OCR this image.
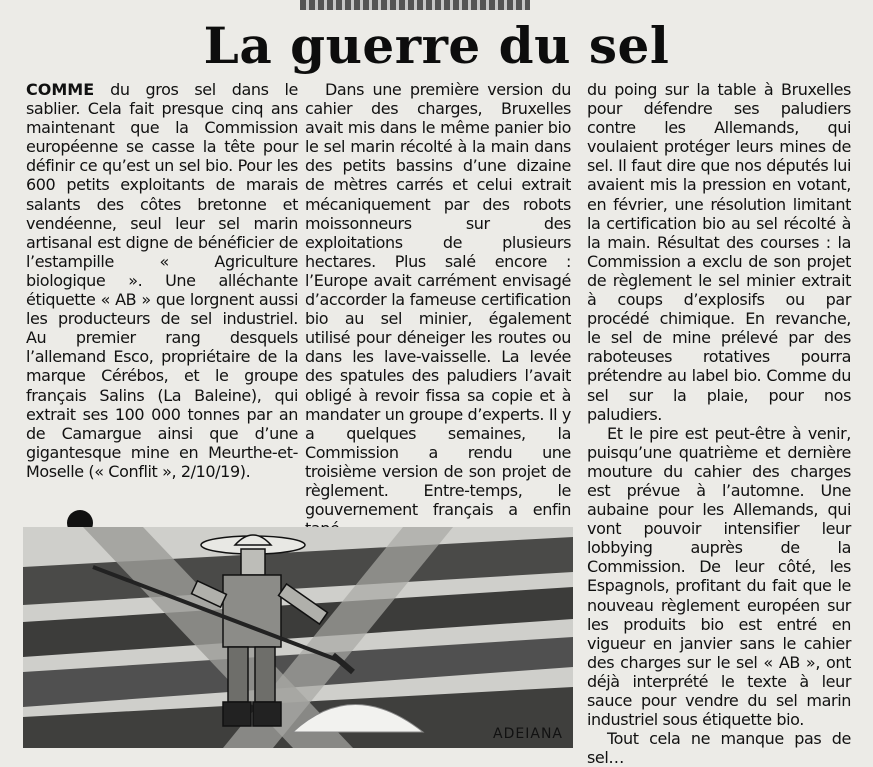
La guerre du sel

COMME du gros sel dans le sablier. Cela fait presque cinq ans maintenant que la Commission européenne se casse la tête pour définir ce qu’est un sel bio. Pour les 600 petits exploitants de marais salants des côtes bretonne et vendéenne, seul leur sel marin artisanal est digne de bénéficier de l’estampille « Agriculture biologique ». Une alléchante étiquette « AB » que lorgnent aussi les producteurs de sel industriel. Au premier rang desquels l’allemand Esco, propriétaire de la marque Cérébos, et le groupe français Salins (La Baleine), qui extrait ses 100 000 tonnes par an de Camargue ainsi que d’une gigantesque mine en Meurthe-et-Moselle (« Conflit », 2/10/19).

Dans une première version du cahier des charges, Bruxelles avait mis dans le même panier bio le sel marin récolté à la main dans des petits bassins d’une dizaine de mètres carrés et celui extrait mécaniquement par des robots moissonneurs sur des exploitations de plusieurs hectares. Plus salé encore : l’Europe avait carrément envisagé d’accorder la fameuse certification bio au sel minier, également utilisé pour déneiger les routes ou dans les lave-vaisselle. La levée des spatules des paludiers l’avait obligé à revoir fissa sa copie et à mandater un groupe d’experts. Il y a quelques semaines, la Commission a rendu une troisième version de son projet de règlement. Entre-temps, le gouvernement français a enfin

du poing sur la table à Bruxelles pour défendre ses paludiers contre les Allemands, qui voulaient protéger leurs mines de sel. Il faut dire que nos députés lui avaient mis la pression en votant, en février, une résolution limitant la certification bio au sel récolté à la main. Résultat des courses : la Commission a exclu de son projet de règlement le sel minier extrait à coups d’explosifs ou par procédé chimique. En revanche, le sel de mine prélevé par des raboteuses rotatives pourra prétendre au label bio. Comme du sel sur la plaie, pour nos paludiers.

Et le pire est peut-être à venir, puisqu’une quatrième et dernière mouture du cahier des charges est prévue à l’automne. Une aubaine pour les Allemands, qui vont pouvoir intensifier leur lobbying auprès de la Commission. De leur côté, les Espagnols, profitant du fait que le nouveau règlement européen sur les produits bio est entré en vigueur en janvier sans le cahier des charges sur le sel « AB », ont déjà interprété le texte à leur sauce pour vendre du sel marin industriel sous étiquette bio.

Tout cela ne manque pas de sel…

ADEIANA
